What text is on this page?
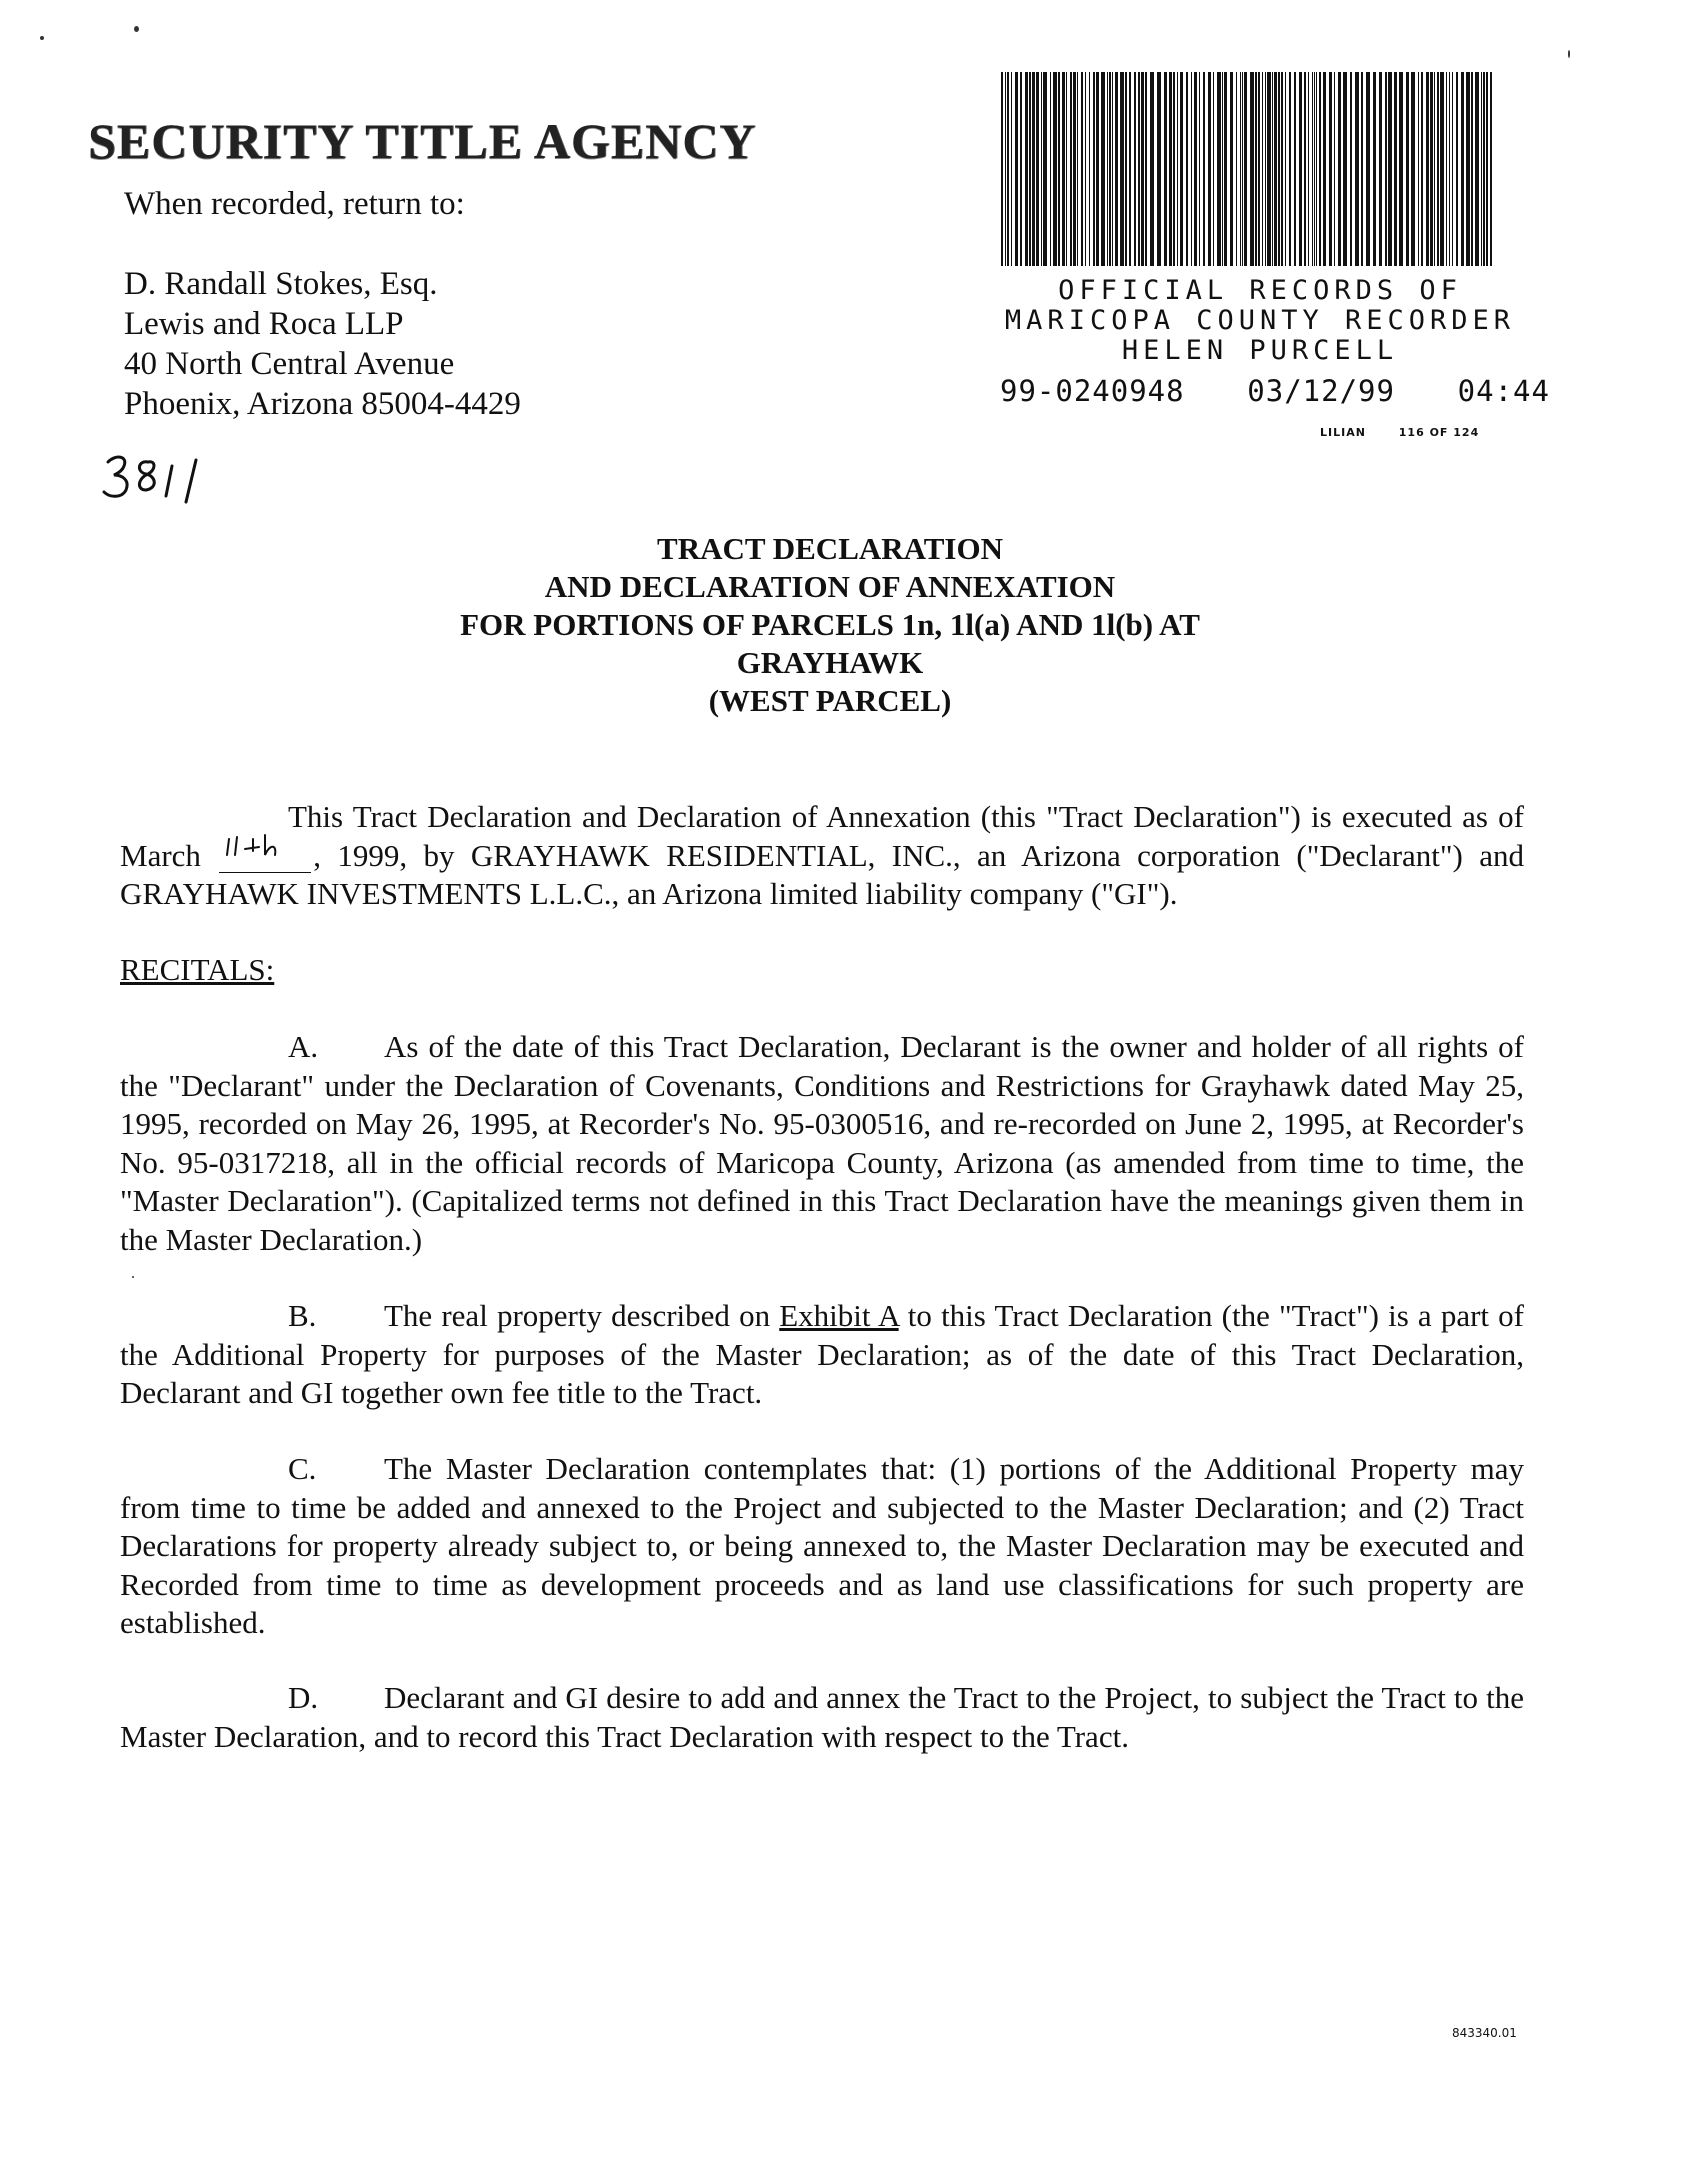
SECURITY TITLE AGENCY
When recorded, return to:
D. Randall Stokes, Esq.
Lewis and Roca LLP
40 North Central Avenue
Phoenix, Arizona 85004-4429
OFFICIAL RECORDS OF
MARICOPA COUNTY RECORDER
HELEN PURCELL
99-0240948 03/12/99 04:44
LILIAN	116 OF 124
TRACT DECLARATION
AND DECLARATION OF ANNEXATION
FOR PORTIONS OF PARCELS 1n, 1l(a) AND 1l(b) AT
GRAYHAWK
(WEST PARCEL)
This Tract Declaration and Declaration of Annexation (this "Tract Declaration") is executed as of March	, 1999, by GRAYHAWK RESIDENTIAL, INC., an Arizona corporation ("Declarant") and GRAYHAWK INVESTMENTS L.L.C., an Arizona limited liability company ("GI").
RECITALS:
A. As of the date of this Tract Declaration, Declarant is the owner and holder of all rights of the "Declarant" under the Declaration of Covenants, Conditions and Restrictions for Grayhawk dated May 25, 1995, recorded on May 26, 1995, at Recorder's No. 95-0300516, and re-recorded on June 2, 1995, at Recorder's No. 95-0317218, all in the official records of Maricopa County, Arizona (as amended from time to time, the "Master Declaration"). (Capitalized terms not defined in this Tract Declaration have the meanings given them in the Master Declaration.)
B. The real property described on Exhibit A to this Tract Declaration (the "Tract") is a part of the Additional Property for purposes of the Master Declaration; as of the date of this Tract Declaration, Declarant and GI together own fee title to the Tract.
C. The Master Declaration contemplates that: (1) portions of the Additional Property may from time to time be added and annexed to the Project and subjected to the Master Declaration; and (2) Tract Declarations for property already subject to, or being annexed to, the Master Declaration may be executed and Recorded from time to time as development proceeds and as land use classifications for such property are established.
D. Declarant and GI desire to add and annex the Tract to the Project, to subject the Tract to the Master Declaration, and to record this Tract Declaration with respect to the Tract.
843340.01
